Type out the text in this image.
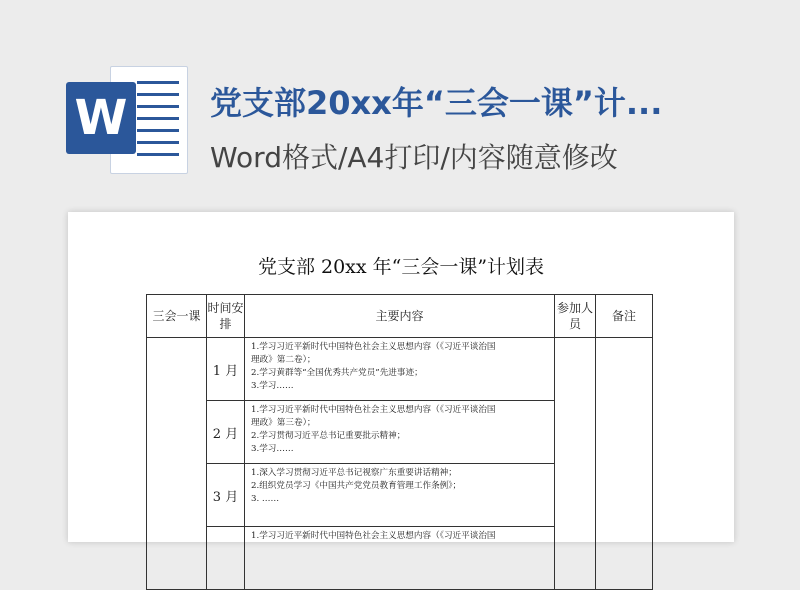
W	党支部20xx年“三会一课”计...

Word格式/A4打印/内容随意修改

党支部 20xx 年“三会一课”计划表
三会一课	时间安排	主要内容	参加人员	备注
	1 月	1.学习习近平新时代中国特色社会主义思想内容（《习近平谈治国
理政》第二卷）；
2.学习黄群等“全国优秀共产党员”先进事迹；
3.学习……		

	2 月	1.学习习近平新时代中国特色社会主义思想内容（《习近平谈治国
理政》第三卷）；
2.学习贯彻习近平总书记重要批示精神；
3.学习……		

	3 月	1.深入学习贯彻习近平总书记视察广东重要讲话精神；
2.组织党员学习《中国共产党党员教育管理工作条例》；
3. ……		

		1.学习习近平新时代中国特色社会主义思想内容（《习近平谈治国		
